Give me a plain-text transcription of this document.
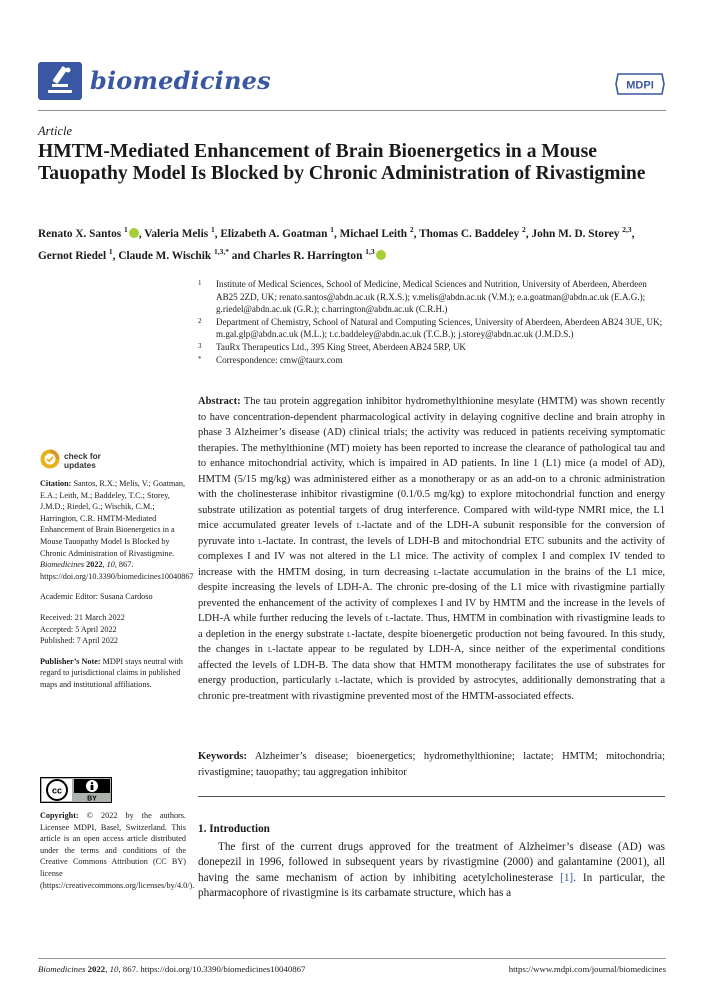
biomedicines	MDPI
Article
HMTM-Mediated Enhancement of Brain Bioenergetics in a Mouse Tauopathy Model Is Blocked by Chronic Administration of Rivastigmine
Renato X. Santos $^1$ , Valeria Melis $^1$, Elizabeth A. Goatman $^1$, Michael Leith $^2$, Thomas C. Baddeley $^2$, John M. D. Storey $^{2,3}$, Gernot Riedel $^1$, Claude M. Wischik $^{1,3,*}$ and Charles R. Harrington $^{1,3}$
1 Institute of Medical Sciences, School of Medicine, Medical Sciences and Nutrition, University of Aberdeen, Aberdeen AB25 2ZD, UK; renato.santos@abdn.ac.uk (R.X.S.); v.melis@abdn.ac.uk (V.M.); e.a.goatman@abdn.ac.uk (E.A.G.); g.riedel@abdn.ac.uk (G.R.); c.harrington@abdn.ac.uk (C.R.H.)
2 Department of Chemistry, School of Natural and Computing Sciences, University of Aberdeen, Aberdeen AB24 3UE, UK; m.gal.glp@abdn.ac.uk (M.L.); t.c.baddeley@abdn.ac.uk (T.C.B.); j.storey@abdn.ac.uk (J.M.D.S.)
3 TauRx Therapeutics Ltd., 395 King Street, Aberdeen AB24 5RP, UK
* Correspondence: cmw@taurx.com
Abstract: The tau protein aggregation inhibitor hydromethylthionine mesylate (HMTM) was shown recently to have concentration-dependent pharmacological activity in delaying cognitive decline and brain atrophy in phase 3 Alzheimer’s disease (AD) clinical trials; the activity was reduced in patients receiving symptomatic therapies. The methylthionine (MT) moiety has been reported to increase the clearance of pathological tau and to enhance mitochondrial activity, which is impaired in AD patients. In line 1 (L1) mice (a model of AD), HMTM (5/15 mg/kg) was administered either as a monotherapy or as an add-on to a chronic administration with the cholinesterase inhibitor rivastigmine (0.1/0.5 mg/kg) to explore mitochondrial function and energy substrate utilization as potential targets of drug interference. Compared with wild-type NMRI mice, the L1 mice accumulated greater levels of l-lactate and of the LDH-A subunit responsible for the conversion of pyruvate into l-lactate. In contrast, the levels of LDH-B and mitochondrial ETC subunits and the activity of complexes I and IV was not altered in the L1 mice. The activity of complex I and complex IV tended to increase with the HMTM dosing, in turn decreasing l-lactate accumulation in the brains of the L1 mice, despite increasing the levels of LDH-A. The chronic pre-dosing of the L1 mice with rivastigmine partially prevented the enhancement of the activity of complexes I and IV by HMTM and the increase in the levels of LDH-A while further reducing the levels of l-lactate. Thus, HMTM in combination with rivastigmine leads to a depletion in the energy substrate l-lactate, despite bioenergetic production not being favoured. In this study, the changes in l-lactate appear to be regulated by LDH-A, since neither of the experimental conditions affected the levels of LDH-B. The data show that HMTM monotherapy facilitates the use of substrates for energy production, particularly l-lactate, which is provided by astrocytes, additionally demonstrating that a chronic pre-treatment with rivastigmine prevented most of the HMTM-associated effects.
Keywords: Alzheimer’s disease; bioenergetics; hydromethylthionine; lactate; HMTM; mitochondria; rivastigmine; tauopathy; tau aggregation inhibitor
1. Introduction
The first of the current drugs approved for the treatment of Alzheimer’s disease (AD) was donepezil in 1996, followed in subsequent years by rivastigmine (2000) and galantamine (2001), all having the same mechanism of action by inhibiting acetylcholinesterase [1]. In particular, the pharmacophore of rivastigmine is its carbamate structure, which has a
check for
updates
Citation: Santos, R.X.; Melis, V.; Goatman, E.A.; Leith, M.; Baddeley, T.C.; Storey, J.M.D.; Riedel, G.; Wischik, C.M.; Harrington, C.R. HMTM-Mediated Enhancement of Brain Bioenergetics in a Mouse Tauopathy Model Is Blocked by Chronic Administration of Rivastigmine. Biomedicines 2022, 10, 867. https://doi.org/10.3390/biomedicines10040867
Academic Editor: Susana Cardoso
Received: 21 March 2022
Accepted: 5 April 2022
Published: 7 April 2022
Publisher’s Note: MDPI stays neutral with regard to jurisdictional claims in published maps and institutional affiliations.
cc
BY
Copyright: © 2022 by the authors. Licensee MDPI, Basel, Switzerland. This article is an open access article distributed under the terms and conditions of the Creative Commons Attribution (CC BY) license (https://creativecommons.org/licenses/by/4.0/).
Biomedicines 2022, 10, 867. https://doi.org/10.3390/biomedicines10040867	https://www.mdpi.com/journal/biomedicines
